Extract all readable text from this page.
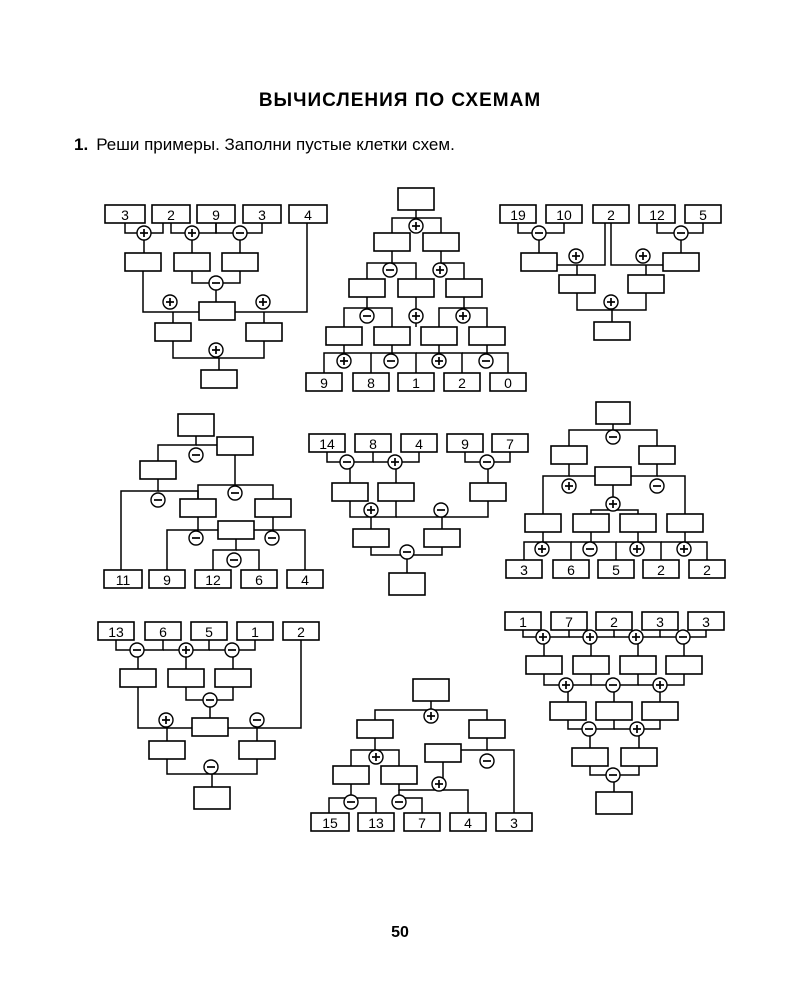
ВЫЧИСЛЕНИЯ ПО СХЕМАМ
1. Реши примеры. Заполни пустые клетки схем.
3	2	9	3	4
9	8	1	2	0
19 10	2 12 5
11 9 12 6	4
14 8	4	9	7
3	6	5	2	2
13	6	5	1	2
15 13 7	4	3
1	7	2	3	3
50
